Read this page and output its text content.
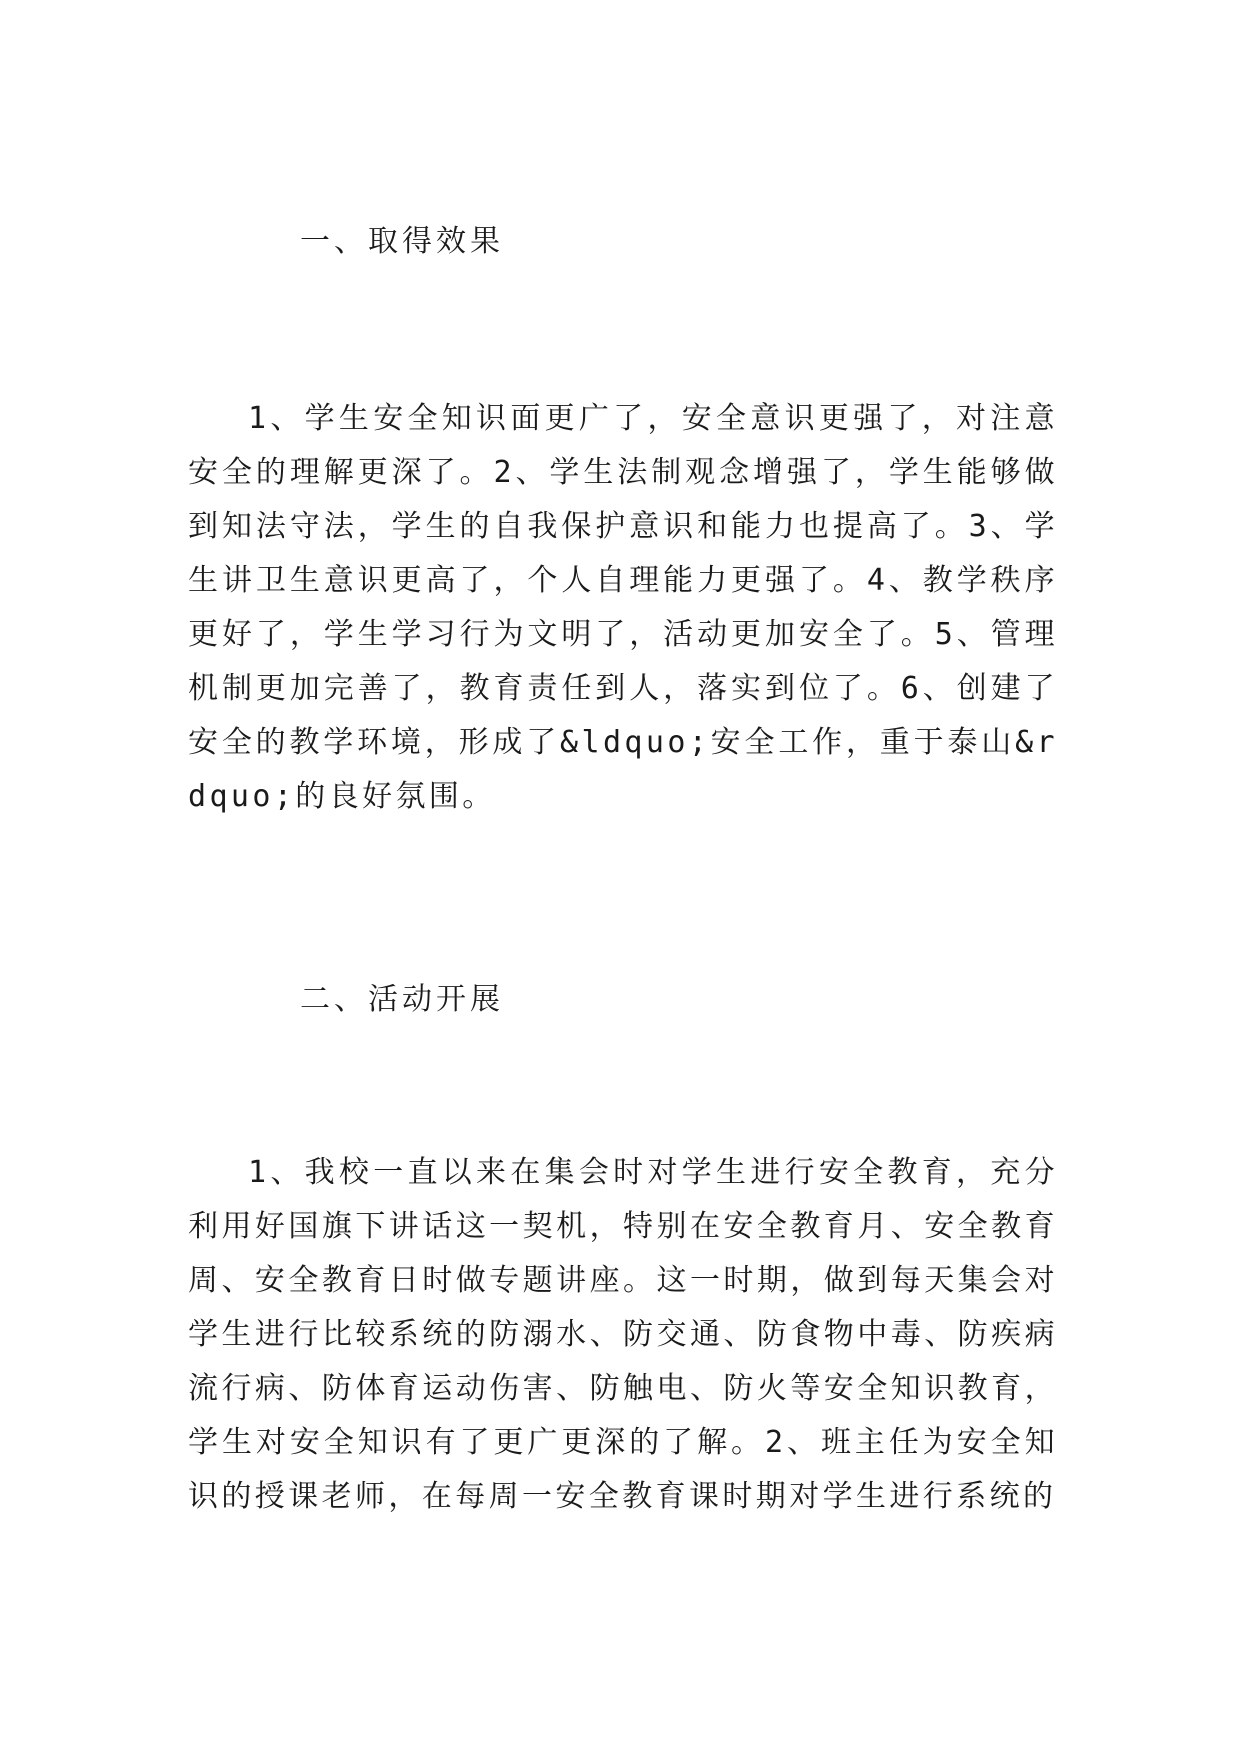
一、取得效果
1、学生安全知识面更广了，安全意识更强了，对注意安全的理解更深了。2、学生法制观念增强了，学生能够做到知法守法，学生的自我保护意识和能力也提高了。3、学生讲卫生意识更高了，个人自理能力更强了。4、教学秩序更好了，学生学习行为文明了，活动更加安全了。5、管理机制更加完善了，教育责任到人，落实到位了。6、创建了安全的教学环境，形成了&ldquo;安全工作，重于泰山&rdquo;的良好氛围。
二、活动开展
1、我校一直以来在集会时对学生进行安全教育，充分利用好国旗下讲话这一契机，特别在安全教育月、安全教育周、安全教育日时做专题讲座。这一时期，做到每天集会对学生进行比较系统的防溺水、防交通、防食物中毒、防疾病流行病、防体育运动伤害、防触电、防火等安全知识教育，学生对安全知识有了更广更深的了解。2、班主任为安全知识的授课老师，在每周一安全教育课时期对学生进行系统的
